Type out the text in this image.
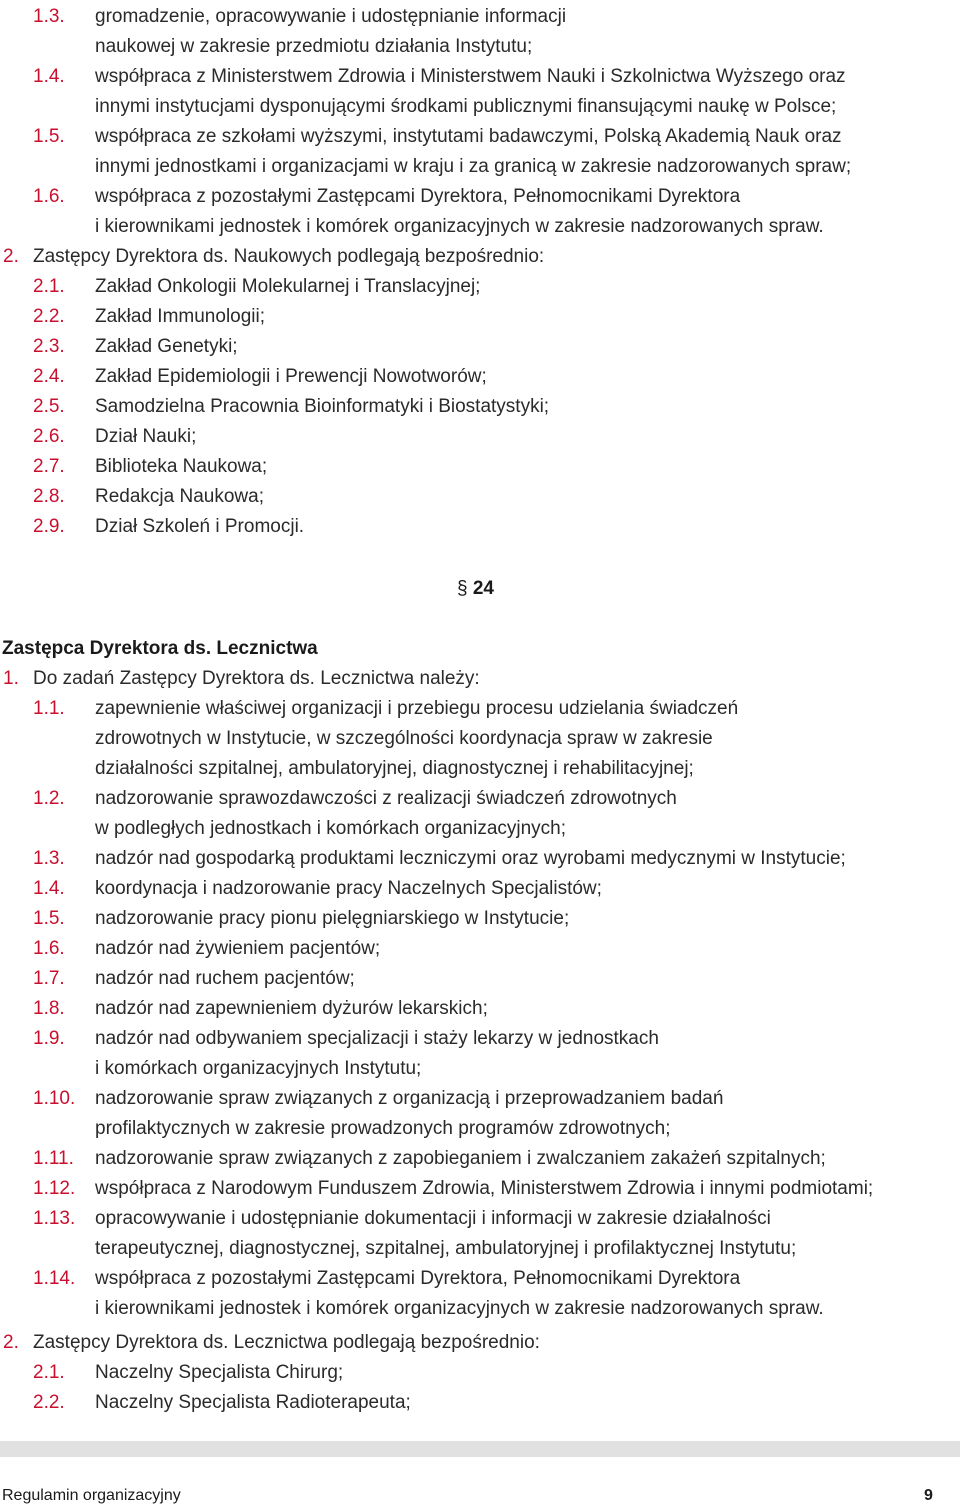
1.3. gromadzenie, opracowywanie i udostępnianie informacji
naukowej w zakresie przedmiotu działania Instytutu;
1.4. współpraca z Ministerstwem Zdrowia i Ministerstwem Nauki i Szkolnictwa Wyższego oraz
innymi instytucjami dysponującymi środkami publicznymi finansującymi naukę w Polsce;
1.5. współpraca ze szkołami wyższymi, instytutami badawczymi, Polską Akademią Nauk oraz
innymi jednostkami i organizacjami w kraju i za granicą w zakresie nadzorowanych spraw;
1.6. współpraca z pozostałymi Zastępcami Dyrektora, Pełnomocnikami Dyrektora
i kierownikami jednostek i komórek organizacyjnych w zakresie nadzorowanych spraw.
2. Zastępcy Dyrektora ds. Naukowych podlegają bezpośrednio:
2.1. Zakład Onkologii Molekularnej i Translacyjnej;
2.2. Zakład Immunologii;
2.3. Zakład Genetyki;
2.4. Zakład Epidemiologii i Prewencji Nowotworów;
2.5. Samodzielna Pracownia Bioinformatyki i Biostatystyki;
2.6. Dział Nauki;
2.7. Biblioteka Naukowa;
2.8. Redakcja Naukowa;
2.9. Dział Szkoleń i Promocji.
§ 24
Zastępca Dyrektora ds. Lecznictwa
1. Do zadań Zastępcy Dyrektora ds. Lecznictwa należy:
1.1. zapewnienie właściwej organizacji i przebiegu procesu udzielania świadczeń
zdrowotnych w Instytucie, w szczególności koordynacja spraw w zakresie
działalności szpitalnej, ambulatoryjnej, diagnostycznej i rehabilitacyjnej;
1.2. nadzorowanie sprawozdawczości z realizacji świadczeń zdrowotnych
w podległych jednostkach i komórkach organizacyjnych;
1.3. nadzór nad gospodarką produktami leczniczymi oraz wyrobami medycznymi w Instytucie;
1.4. koordynacja i nadzorowanie pracy Naczelnych Specjalistów;
1.5. nadzorowanie pracy pionu pielęgniarskiego w Instytucie;
1.6. nadzór nad żywieniem pacjentów;
1.7. nadzór nad ruchem pacjentów;
1.8. nadzór nad zapewnieniem dyżurów lekarskich;
1.9. nadzór nad odbywaniem specjalizacji i staży lekarzy w jednostkach
i komórkach organizacyjnych Instytutu;
1.10. nadzorowanie spraw związanych z organizacją i przeprowadzaniem badań
profilaktycznych w zakresie prowadzonych programów zdrowotnych;
1.11. nadzorowanie spraw związanych z zapobieganiem i zwalczaniem zakażeń szpitalnych;
1.12. współpraca z Narodowym Funduszem Zdrowia, Ministerstwem Zdrowia i innymi podmiotami;
1.13. opracowywanie i udostępnianie dokumentacji i informacji w zakresie działalności
terapeutycznej, diagnostycznej, szpitalnej, ambulatoryjnej i profilaktycznej Instytutu;
1.14. współpraca z pozostałymi Zastępcami Dyrektora, Pełnomocnikami Dyrektora
i kierownikami jednostek i komórek organizacyjnych w zakresie nadzorowanych spraw.
2. Zastępcy Dyrektora ds. Lecznictwa podlegają bezpośrednio:
2.1. Naczelny Specjalista Chirurg;
2.2. Naczelny Specjalista Radioterapeuta;
Regulamin organizacyjny	9
